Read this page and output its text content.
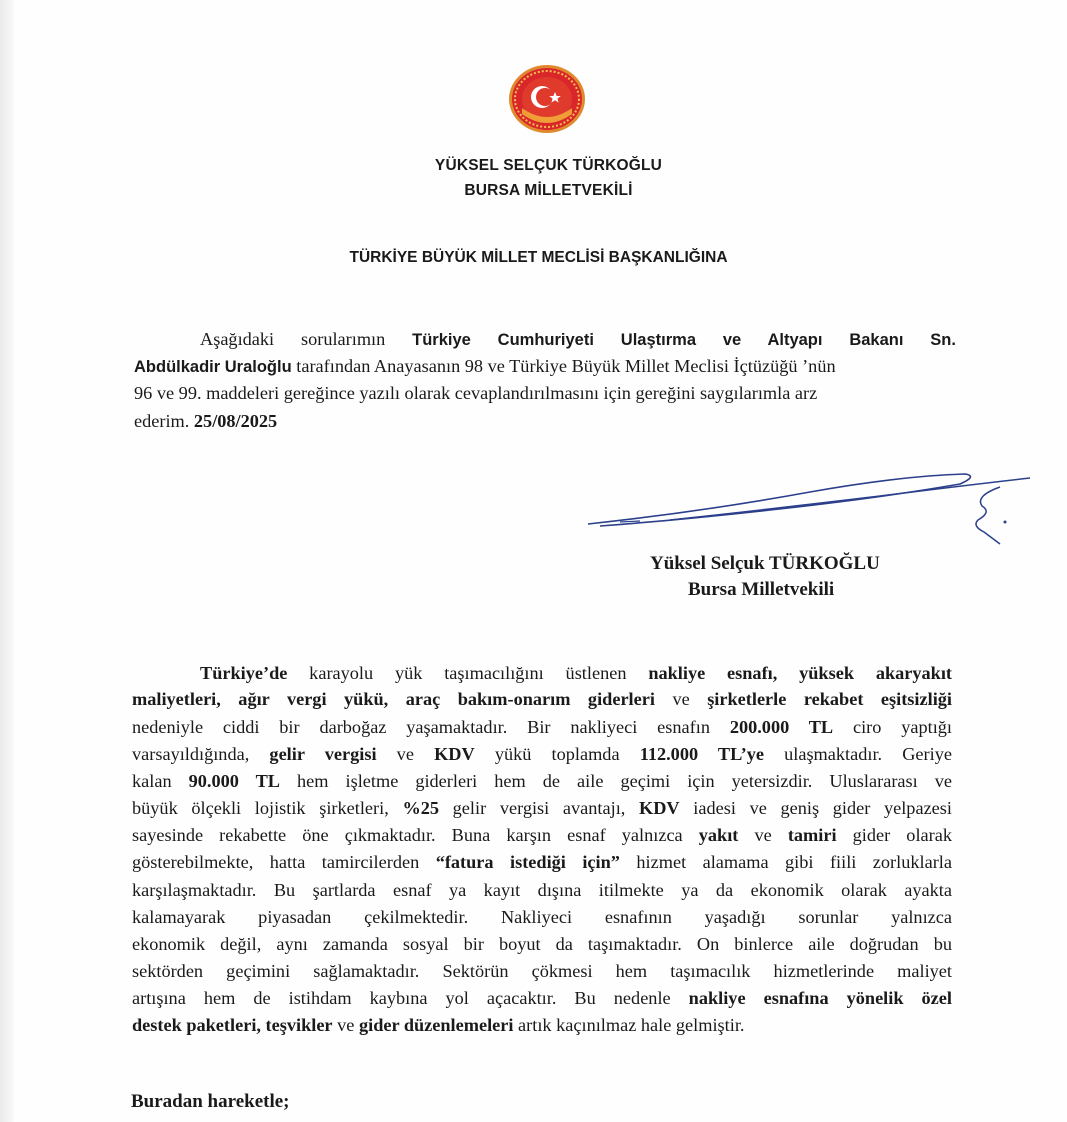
YÜKSEL SELÇUK TÜRKOĞLU
BURSA MİLLETVEKİLİ
TÜRKİYE BÜYÜK MİLLET MECLİSİ BAŞKANLIĞINA
Aşağıdaki sorularımın Türkiye Cumhuriyeti Ulaştırma ve Altyapı Bakanı Sn.
Abdülkadir Uraloğlu tarafından Anayasanın 98 ve Türkiye Büyük Millet Meclisi İçtüzüğü ’nün
96 ve 99. maddeleri gereğince yazılı olarak cevaplandırılmasını için gereğini saygılarımla arz
ederim. 25/08/2025
Yüksel Selçuk TÜRKOĞLU
Bursa Milletvekili
Türkiye’de karayolu yük taşımacılığını üstlenen nakliye esnafı, yüksek akaryakıt
maliyetleri, ağır vergi yükü, araç bakım-onarım giderleri ve şirketlerle rekabet eşitsizliği
nedeniyle ciddi bir darboğaz yaşamaktadır. Bir nakliyeci esnafın 200.000 TL ciro yaptığı
varsayıldığında, gelir vergisi ve KDV yükü toplamda 112.000 TL’ye ulaşmaktadır. Geriye
kalan 90.000 TL hem işletme giderleri hem de aile geçimi için yetersizdir. Uluslararası ve
büyük ölçekli lojistik şirketleri, %25 gelir vergisi avantajı, KDV iadesi ve geniş gider yelpazesi
sayesinde rekabette öne çıkmaktadır. Buna karşın esnaf yalnızca yakıt ve tamiri gider olarak
gösterebilmekte, hatta tamircilerden “fatura istediği için” hizmet alamama gibi fiili zorluklarla
karşılaşmaktadır. Bu şartlarda esnaf ya kayıt dışına itilmekte ya da ekonomik olarak ayakta
kalamayarak piyasadan çekilmektedir. Nakliyeci esnafının yaşadığı sorunlar yalnızca
ekonomik değil, aynı zamanda sosyal bir boyut da taşımaktadır. On binlerce aile doğrudan bu
sektörden geçimini sağlamaktadır. Sektörün çökmesi hem taşımacılık hizmetlerinde maliyet
artışına hem de istihdam kaybına yol açacaktır. Bu nedenle nakliye esnafına yönelik özel
destek paketleri, teşvikler ve gider düzenlemeleri artık kaçınılmaz hale gelmiştir.
Buradan hareketle;
